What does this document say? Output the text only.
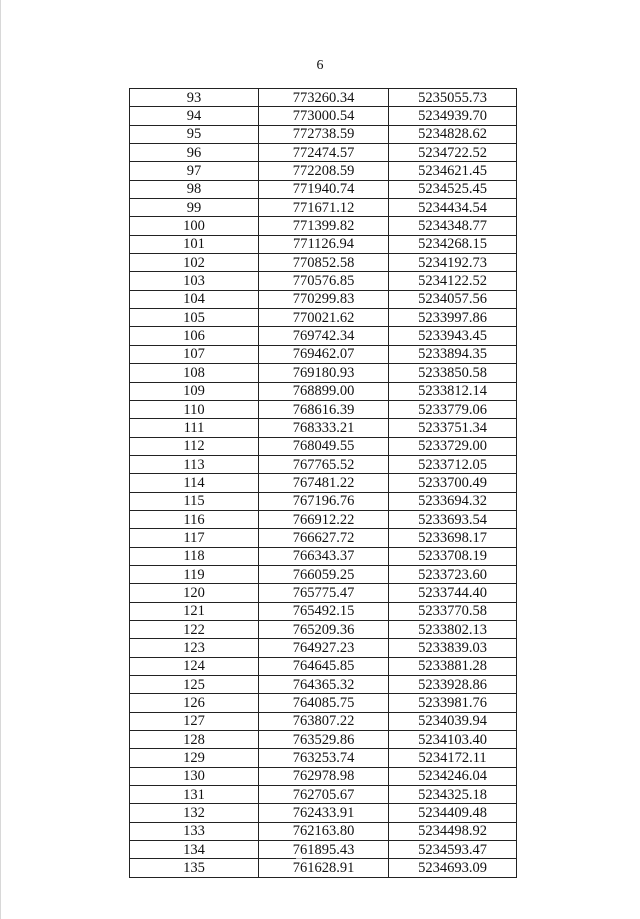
6
93	773260.34	5235055.73
94	773000.54	5234939.70
95	772738.59	5234828.62
96	772474.57	5234722.52
97	772208.59	5234621.45
98	771940.74	5234525.45
99	771671.12	5234434.54
100	771399.82	5234348.77
101	771126.94	5234268.15
102	770852.58	5234192.73
103	770576.85	5234122.52
104	770299.83	5234057.56
105	770021.62	5233997.86
106	769742.34	5233943.45
107	769462.07	5233894.35
108	769180.93	5233850.58
109	768899.00	5233812.14
110	768616.39	5233779.06
111	768333.21	5233751.34
112	768049.55	5233729.00
113	767765.52	5233712.05
114	767481.22	5233700.49
115	767196.76	5233694.32
116	766912.22	5233693.54
117	766627.72	5233698.17
118	766343.37	5233708.19
119	766059.25	5233723.60
120	765775.47	5233744.40
121	765492.15	5233770.58
122	765209.36	5233802.13
123	764927.23	5233839.03
124	764645.85	5233881.28
125	764365.32	5233928.86
126	764085.75	5233981.76
127	763807.22	5234039.94
128	763529.86	5234103.40
129	763253.74	5234172.11
130	762978.98	5234246.04
131	762705.67	5234325.18
132	762433.91	5234409.48
133	762163.80	5234498.92
134	761895.43	5234593.47
135	761628.91	5234693.09
